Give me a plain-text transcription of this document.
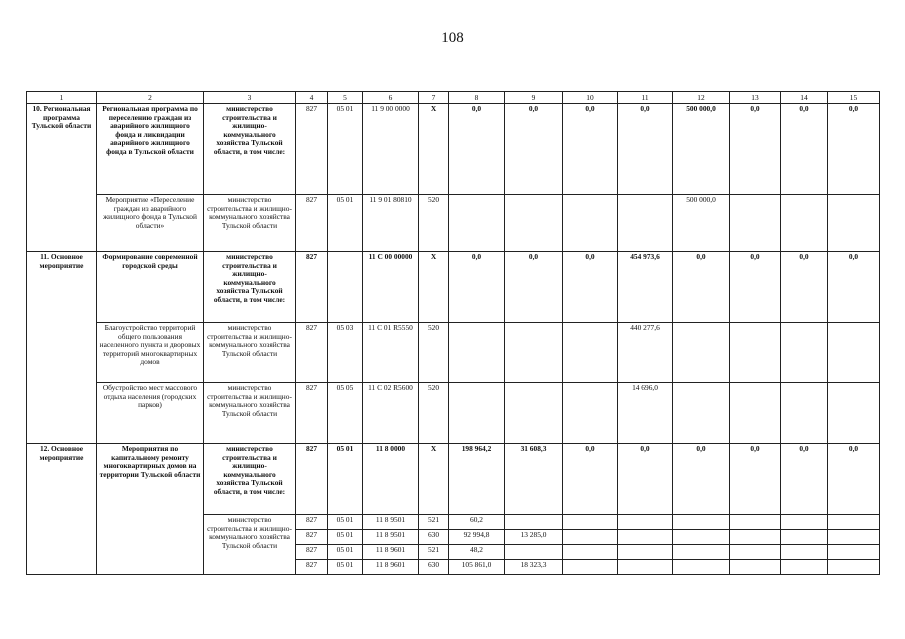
108
1	2	3	4	5	6	7	8	9	10	11	12	13	14	15
10. Региональная программа Тульской области	Региональная программа по переселению граждан из аварийного жилищного фонда и ликвидации аварийного жилищного фонда в Тульской области	министерство строительства и жилищно-коммунального хозяйства Тульской области, в том числе:	827	05 01	11 9 00 0000	X	0,0	0,0	0,0	0,0	500 000,0	0,0	0,0	0,0
	Мероприятие «Переселение граждан из аварийного жилищного фонда в Тульской области»	министерство строительства и жилищно-коммунального хозяйства Тульской области	827	05 01	11 9 01 80810	520					500 000,0			
11. Основное мероприятие	Формирование современной городской среды	министерство строительства и жилищно-коммунального хозяйства Тульской области, в том числе:	827		11 С 00 00000	X	0,0	0,0	0,0	454 973,6	0,0	0,0	0,0	0,0
	Благоустройство территорий общего пользования населенного пункта и дворовых территорий многоквартирных домов	министерство строительства и жилищно-коммунального хозяйства Тульской области	827	05 03	11 С 01 R5550	520				440 277,6				
	Обустройство мест массового отдыха населения (городских парков)	министерство строительства и жилищно-коммунального хозяйства Тульской области	827	05 05	11 С 02 R5600	520				14 696,0				
12. Основное мероприятие	Мероприятия по капитальному ремонту многоквартирных домов на территории Тульской области	министерство строительства и жилищно-коммунального хозяйства Тульской области, в том числе:	827	05 01	11 8 0000	X	198 964,2	31 608,3	0,0	0,0	0,0	0,0	0,0	0,0
		министерство строительства и жилищно-коммунального хозяйства Тульской области	827	05 01	11 8 9501	521	60,2							
			827	05 01	11 8 9501	630	92 994,8	13 285,0						
			827	05 01	11 8 9601	521	48,2							
			827	05 01	11 8 9601	630	105 861,0	18 323,3						
